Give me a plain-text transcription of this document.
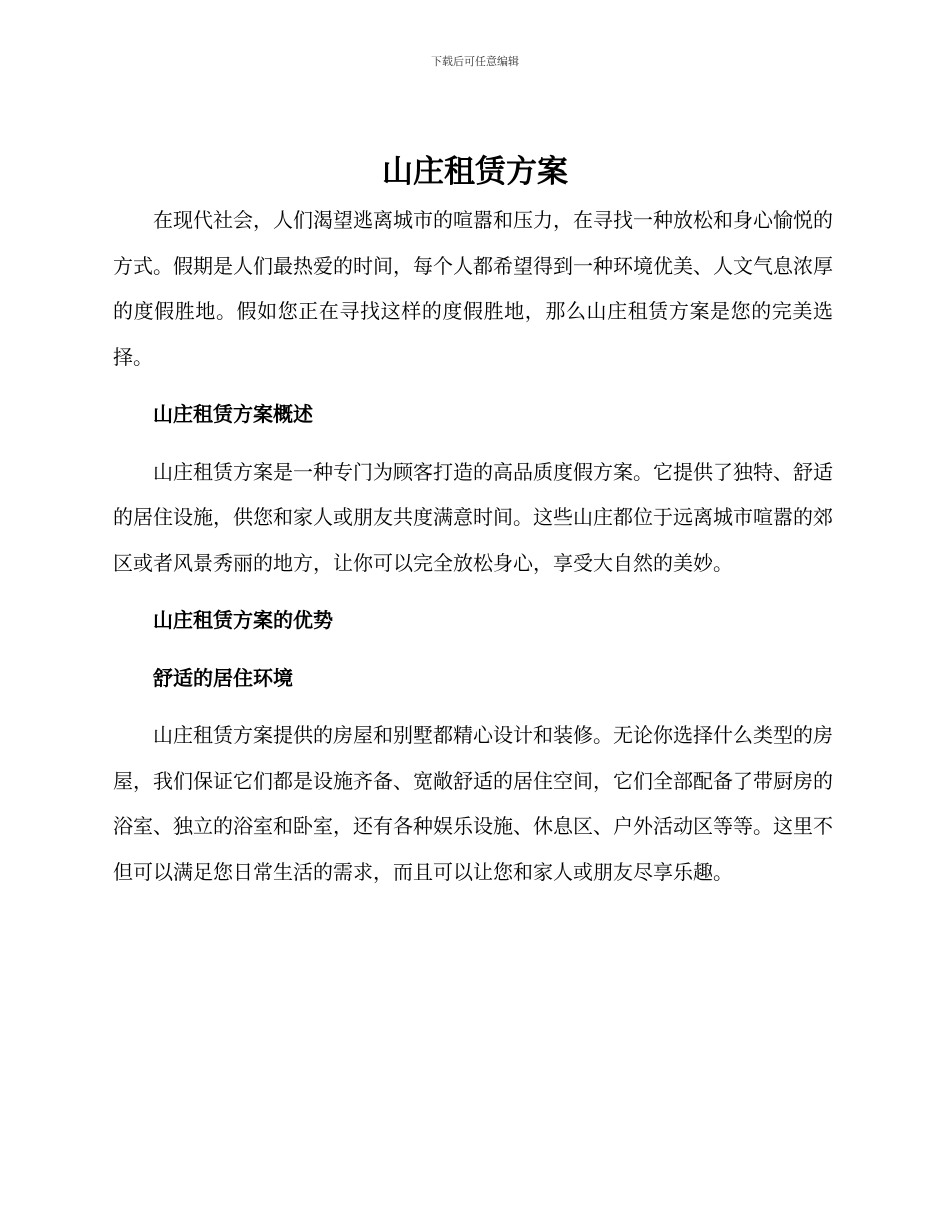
下载后可任意编辑
山庄租赁方案

在现代社会，人们渴望逃离城市的喧嚣和压力，在寻找一种放松和身心愉悦的方式。假期是人们最热爱的时间，每个人都希望得到一种环境优美、人文气息浓厚的度假胜地。假如您正在寻找这样的度假胜地，那么山庄租赁方案是您的完美选择。

山庄租赁方案概述

山庄租赁方案是一种专门为顾客打造的高品质度假方案。它提供了独特、舒适的居住设施，供您和家人或朋友共度满意时间。这些山庄都位于远离城市喧嚣的郊区或者风景秀丽的地方，让你可以完全放松身心，享受大自然的美妙。

山庄租赁方案的优势

舒适的居住环境

山庄租赁方案提供的房屋和别墅都精心设计和装修。无论你选择什么类型的房屋，我们保证它们都是设施齐备、宽敞舒适的居住空间，它们全部配备了带厨房的浴室、独立的浴室和卧室，还有各种娱乐设施、休息区、户外活动区等等。这里不但可以满足您日常生活的需求，而且可以让您和家人或朋友尽享乐趣。
